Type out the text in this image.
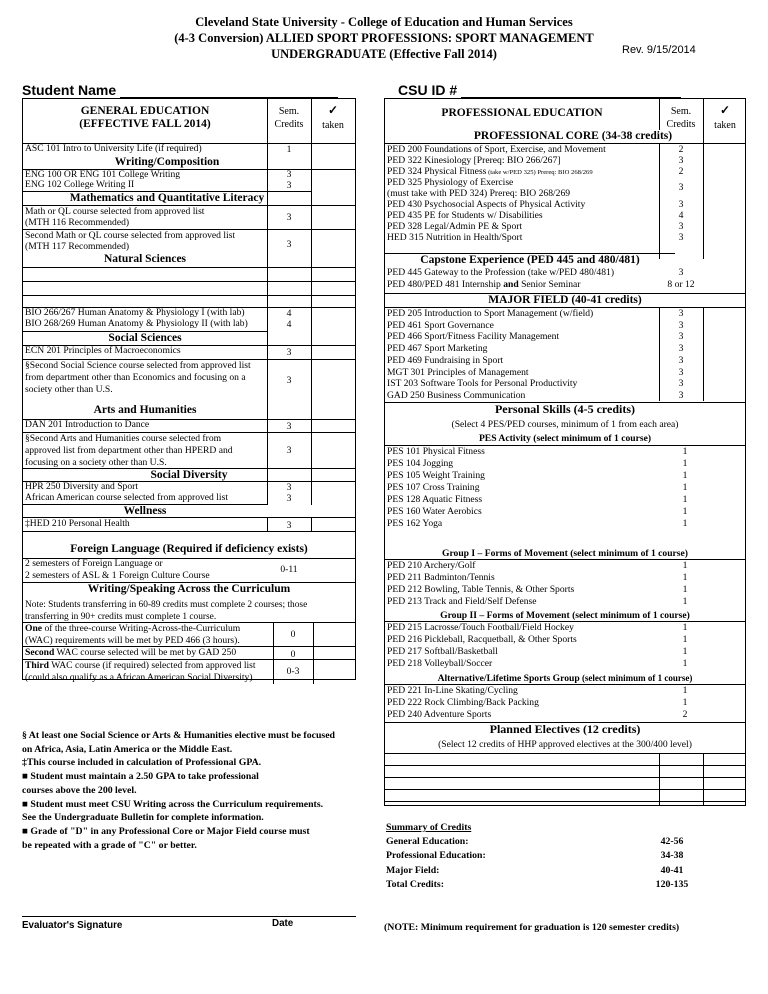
Cleveland State University - College of Education and Human Services
(4-3 Conversion) ALLIED SPORT PROFESSIONS: SPORT MANAGEMENT
UNDERGRADUATE (Effective Fall 2014)	Rev. 9/15/2014
Student Name	CSU ID #
GENERAL EDUCATION
(EFFECTIVE FALL 2014)
Sem.
Credits
✓
taken
ASC 101 Intro to University Life (if required)	1
Writing/Composition
ENG 100 OR ENG 101 College Writing	3
ENG 102 College Writing II	3
Mathematics and Quantitative Literacy
Math or QL course selected from approved list
(MTH 116 Recommended)	3
Second Math or QL course selected from approved list
(MTH 117 Recommended)	3
Natural Sciences
BIO 266/267 Human Anatomy & Physiology I (with lab)	4
BIO 268/269 Human Anatomy & Physiology II (with lab)	4
Social Sciences
ECN 201 Principles of Macroeconomics	3
§Second Social Science course selected from approved list
from department other than Economics and focusing on a
society other than U.S.
3
Arts and Humanities
DAN 201 Introduction to Dance	3
§Second Arts and Humanities course selected from
approved list from department other than HPERD and
focusing on a society other than U.S.
3
Social Diversity
HPR 250 Diversity and Sport	3
African American course selected from approved list	3
Wellness
‡HED 210 Personal Health	3
Foreign Language (Required if deficiency exists)
2 semesters of Foreign Language or
2 semesters of ASL & 1 Foreign Culture Course
0-11
Writing/Speaking Across the Curriculum
Note: Students transferring in 60-89 credits must complete 2 courses; those
transferring in 90+ credits must complete 1 course.
One of the three-course Writing-Across-the-Curriculum
(WAC) requirements will be met by PED 466 (3 hours).
0
Second WAC course selected will be met by GAD 250	0
Third WAC course (if required) selected from approved list
(could also qualify as a African American Social Diversity)
0-3
§ At least one Social Science or Arts & Humanities elective must be focused
on Africa, Asia, Latin America or the Middle East.
‡This course included in calculation of Professional GPA.
■ Student must maintain a 2.50 GPA to take professional
courses above the 200 level.
■ Student must meet CSU Writing across the Curriculum requirements.
See the Undergraduate Bulletin for complete information.
■ Grade of "D" in any Professional Core or Major Field course must
be repeated with a grade of "C" or better.
Evaluator's Signature	Date
PROFESSIONAL EDUCATION	Sem.
Credits
✓
taken
PROFESSIONAL CORE (34-38 credits)
PED 200 Foundations of Sport, Exercise, and Movement	2
PED 322 Kinesiology [Prereq: BIO 266/267]	3
PED 324 Physical Fitness (take w/PED 325) Prereq: BIO 268/269	2
PED 325 Physiology of Exercise
(must take with PED 324) Prereq: BIO 268/269
3
PED 430 Psychosocial Aspects of Physical Activity	3
PED 435 PE for Students w/ Disabilities	4
PED 328 Legal/Admin PE & Sport	3
HED 315 Nutrition in Health/Sport	3
Capstone Experience (PED 445 and 480/481)
PED 445 Gateway to the Profession (take w/PED 480/481)	3
PED 480/PED 481 Internship and Senior Seminar	8 or 12
MAJOR FIELD (40-41 credits)
PED 205 Introduction to Sport Management (w/field)	3
PED 461 Sport Governance	3
PED 466 Sport/Fitness Facility Management	3
PED 467 Sport Marketing	3
PED 469 Fundraising in Sport	3
MGT 301 Principles of Management	3
IST 203 Software Tools for Personal Productivity	3
GAD 250 Business Communication	3
Personal Skills (4-5 credits)
(Select 4 PES/PED courses, minimum of 1 from each area)
PES Activity (select minimum of 1 course)
PES 101 Physical Fitness	1
PES 104 Jogging	1
PES 105 Weight Training	1
PES 107 Cross Training	1
PES 128 Aquatic Fitness	1
PES 160 Water Aerobics	1
PES 162 Yoga	1
Group I – Forms of Movement (select minimum of 1 course)
PED 210 Archery/Golf	1
PED 211 Badminton/Tennis	1
PED 212 Bowling, Table Tennis, & Other Sports	1
PED 213 Track and Field/Self Defense	1
Group II – Forms of Movement (select minimum of 1 course)
PED 215 Lacrosse/Touch Football/Field Hockey	1
PED 216 Pickleball, Racquetball, & Other Sports	1
PED 217 Softball/Basketball	1
PED 218 Volleyball/Soccer	1
Alternative/Lifetime Sports Group (select minimum of 1 course)
PED 221 In-Line Skating/Cycling	1
PED 222 Rock Climbing/Back Packing	1
PED 240 Adventure Sports	2
Planned Electives (12 credits)
(Select 12 credits of HHP approved electives at the 300/400 level)
Summary of Credits
General Education:	42-56
Professional Education:	34-38
Major Field:	40-41
Total Credits:	120-135
(NOTE: Minimum requirement for graduation is 120 semester credits)
